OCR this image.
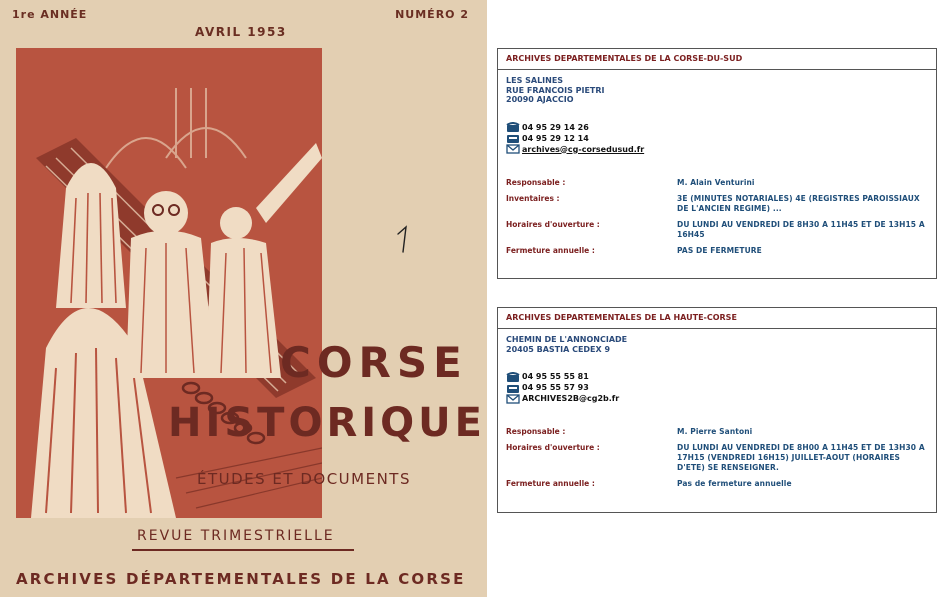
1re ANNÉE	NUMÉRO 2
AVRIL 1953
CORSE
HISTORIQUE
ÉTUDES ET DOCUMENTS
REVUE TRIMESTRIELLE
ARCHIVES DÉPARTEMENTALES DE LA CORSE
ARCHIVES DEPARTEMENTALES DE LA CORSE-DU-SUD
LES SALINES
RUE FRANCOIS PIETRI
20090 AJACCIO
04 95 29 14 26
04 95 29 12 14
archives@cg-corsedusud.fr
Responsable :	M. Alain Venturini
Inventaires :	3E (MINUTES NOTARIALES) 4E (REGISTRES PAROISSIAUX DE L'ANCIEN REGIME) ...
Horaires d'ouverture :	DU LUNDI AU VENDREDI DE 8H30 A 11H45 ET DE 13H15 A 16H45
Fermeture annuelle :	PAS DE FERMETURE
ARCHIVES DEPARTEMENTALES DE LA HAUTE-CORSE
CHEMIN DE L'ANNONCIADE
20405 BASTIA CEDEX 9
04 95 55 55 81
04 95 55 57 93
ARCHIVES2B@cg2b.fr
Responsable :	M. Pierre Santoni
Horaires d'ouverture :	DU LUNDI AU VENDREDI DE 8H00 A 11H45 ET DE 13H30 A 17H15 (VENDREDI 16H15) JUILLET-AOUT (HORAIRES D'ETE) SE RENSEIGNER.
Fermeture annuelle :	Pas de fermeture annuelle
